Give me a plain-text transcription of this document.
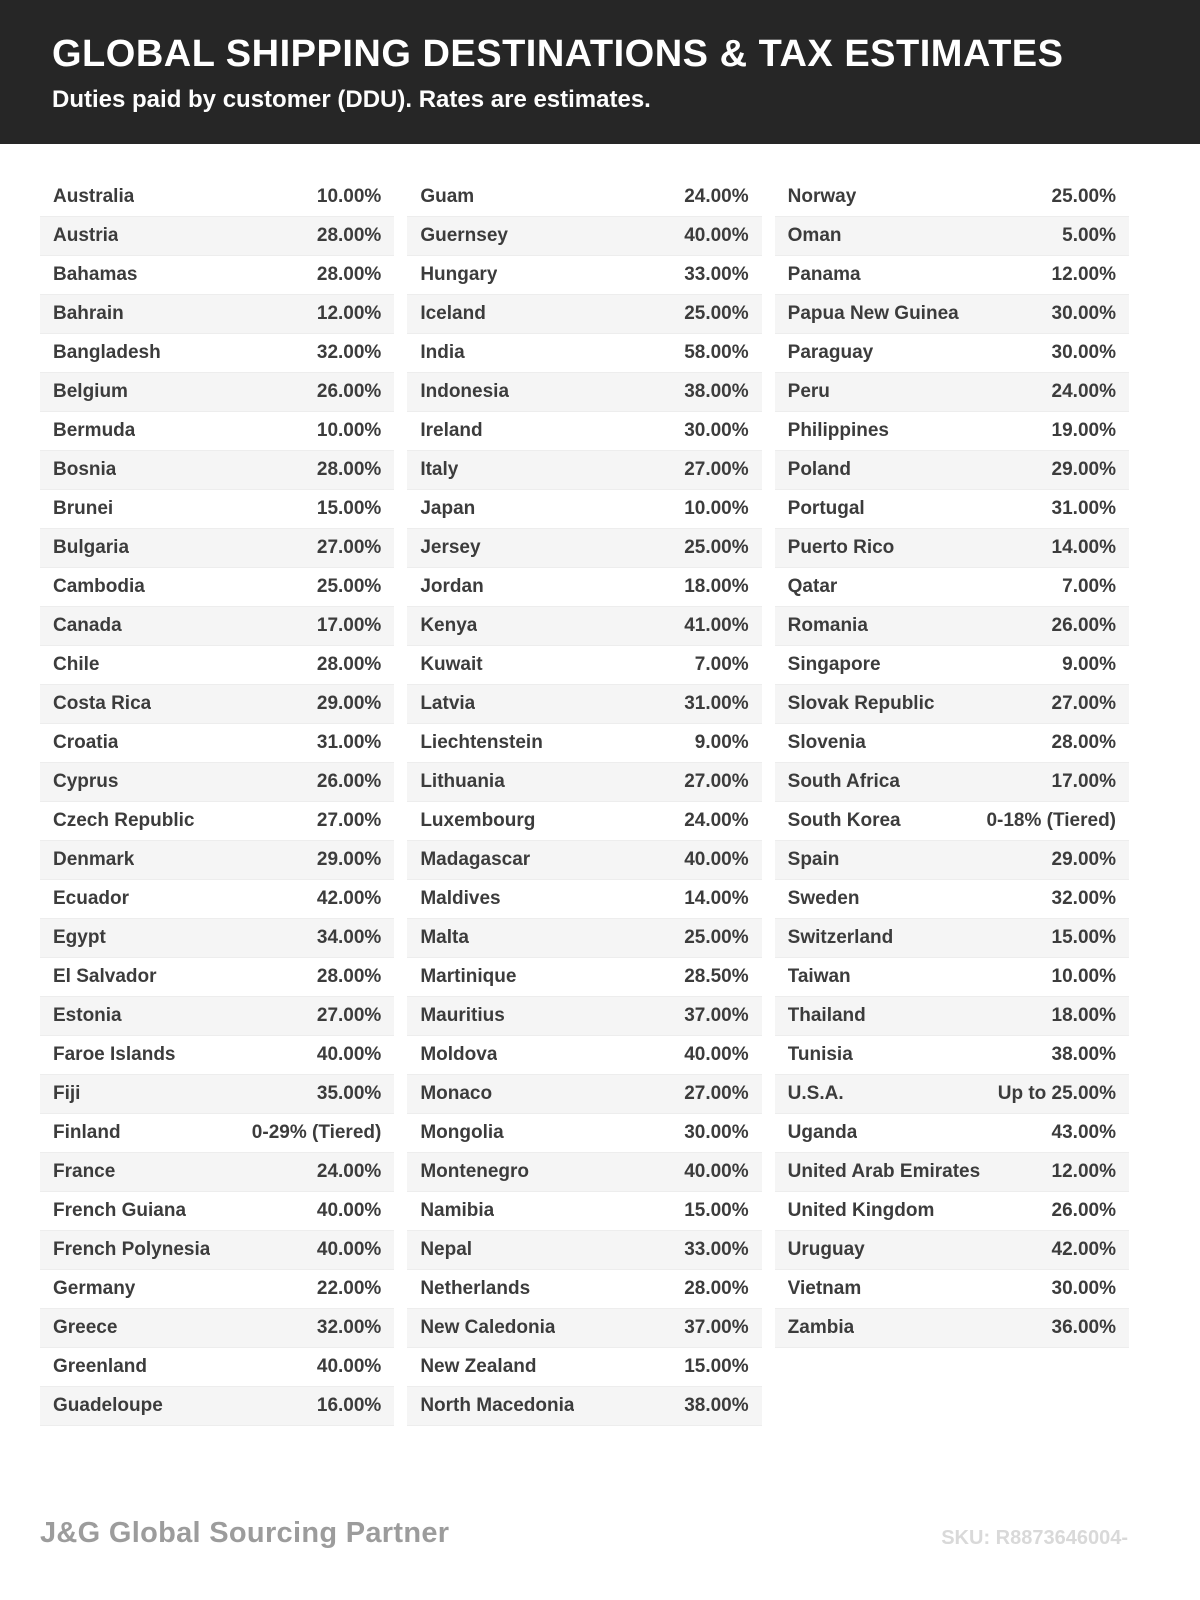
GLOBAL SHIPPING DESTINATIONS & TAX ESTIMATES

Duties paid by customer (DDU). Rates are estimates.

Australia	10.00%
Austria	28.00%
Bahamas	28.00%
Bahrain	12.00%
Bangladesh	32.00%
Belgium	26.00%
Bermuda	10.00%
Bosnia	28.00%
Brunei	15.00%
Bulgaria	27.00%
Cambodia	25.00%
Canada	17.00%
Chile	28.00%
Costa Rica	29.00%
Croatia	31.00%
Cyprus	26.00%
Czech Republic	27.00%
Denmark	29.00%
Ecuador	42.00%
Egypt	34.00%
El Salvador	28.00%
Estonia	27.00%
Faroe Islands	40.00%
Fiji	35.00%
Finland	0-29% (Tiered)
France	24.00%
French Guiana	40.00%
French Polynesia	40.00%
Germany	22.00%
Greece	32.00%
Greenland	40.00%
Guadeloupe	16.00%
Guam	24.00%
Guernsey	40.00%
Hungary	33.00%
Iceland	25.00%
India	58.00%
Indonesia	38.00%
Ireland	30.00%
Italy	27.00%
Japan	10.00%
Jersey	25.00%
Jordan	18.00%
Kenya	41.00%
Kuwait	7.00%
Latvia	31.00%
Liechtenstein	9.00%
Lithuania	27.00%
Luxembourg	24.00%
Madagascar	40.00%
Maldives	14.00%
Malta	25.00%
Martinique	28.50%
Mauritius	37.00%
Moldova	40.00%
Monaco	27.00%
Mongolia	30.00%
Montenegro	40.00%
Namibia	15.00%
Nepal	33.00%
Netherlands	28.00%
New Caledonia	37.00%
New Zealand	15.00%
North Macedonia	38.00%
Norway	25.00%
Oman	5.00%
Panama	12.00%
Papua New Guinea	30.00%
Paraguay	30.00%
Peru	24.00%
Philippines	19.00%
Poland	29.00%
Portugal	31.00%
Puerto Rico	14.00%
Qatar	7.00%
Romania	26.00%
Singapore	9.00%
Slovak Republic	27.00%
Slovenia	28.00%
South Africa	17.00%
South Korea	0-18% (Tiered)
Spain	29.00%
Sweden	32.00%
Switzerland	15.00%
Taiwan	10.00%
Thailand	18.00%
Tunisia	38.00%
U.S.A.	Up to 25.00%
Uganda	43.00%
United Arab Emirates	12.00%
United Kingdom	26.00%
Uruguay	42.00%
Vietnam	30.00%
Zambia	36.00%
J&G Global Sourcing Partner	SKU: R8873646004-
